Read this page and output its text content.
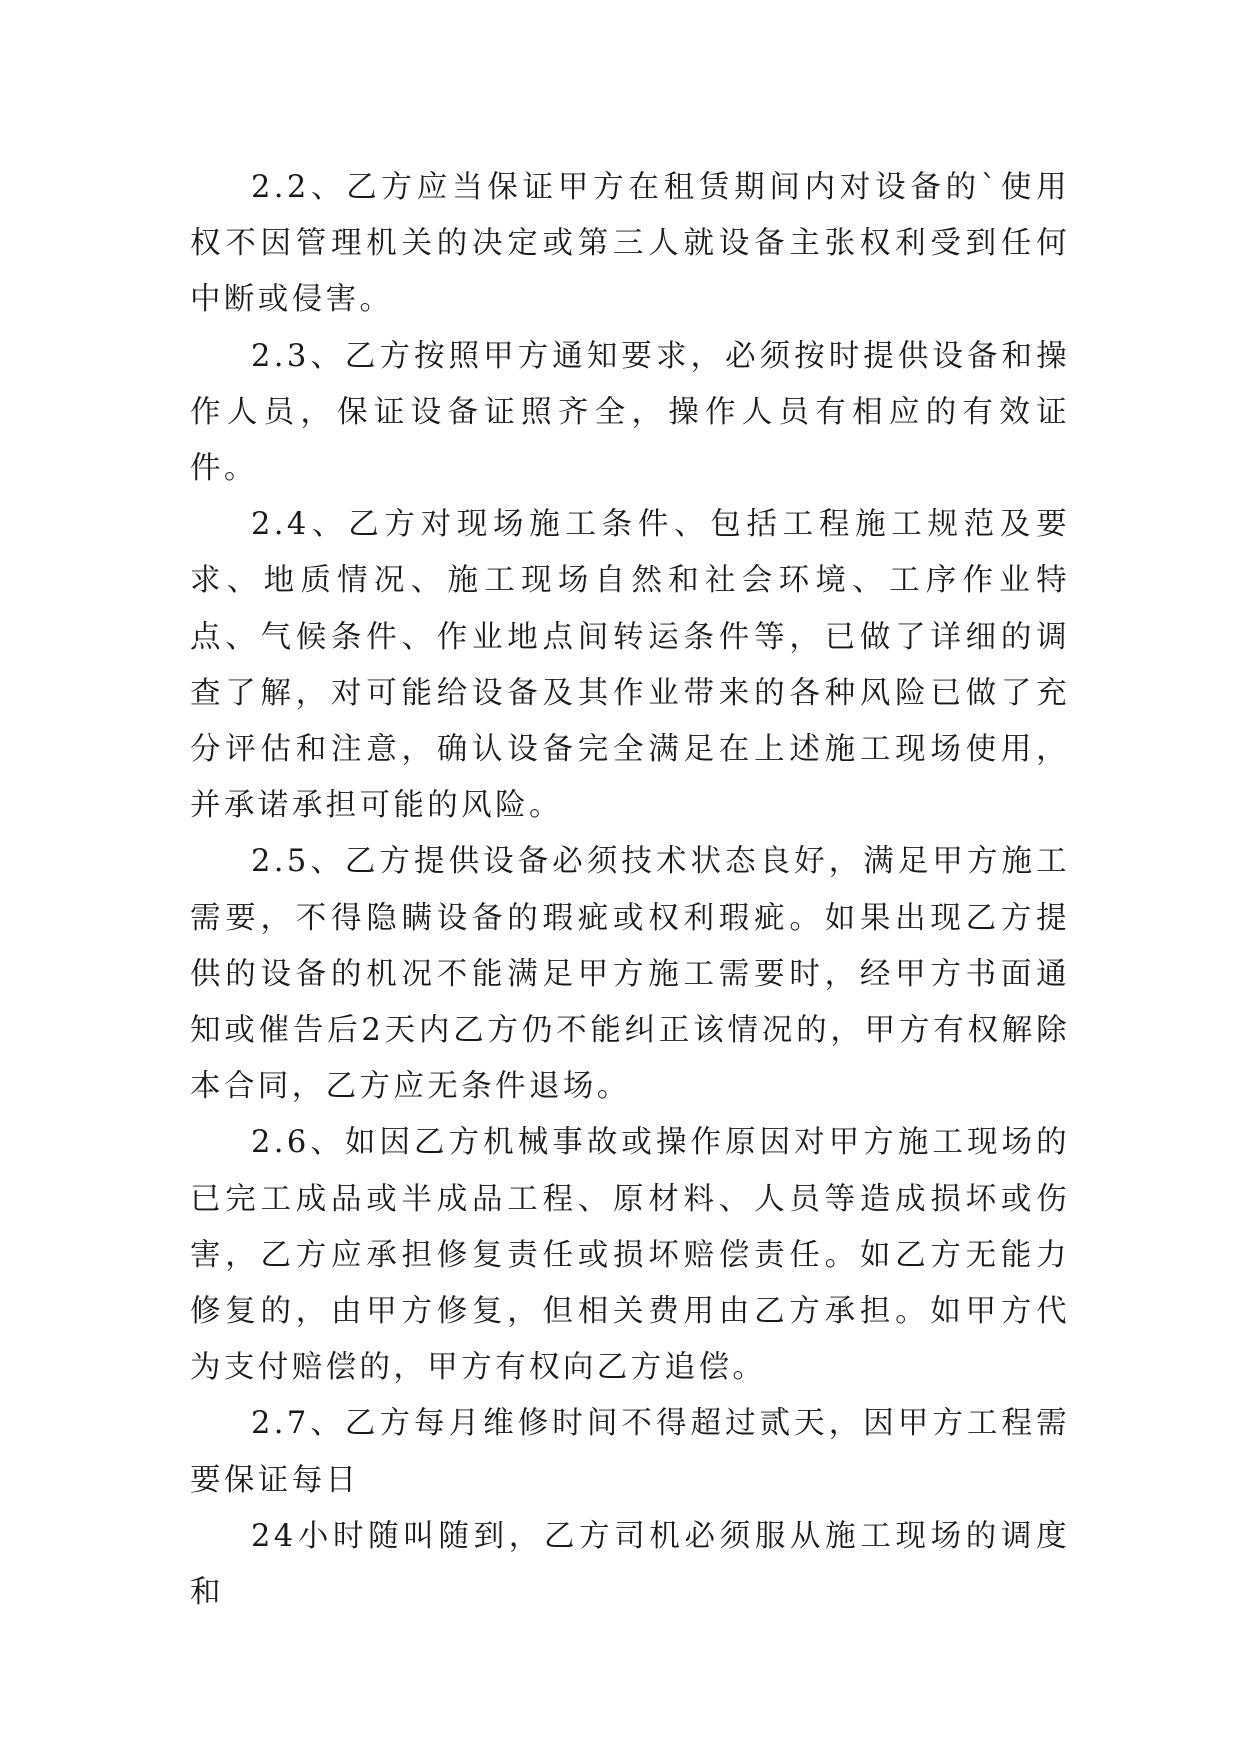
2.2、乙方应当保证甲方在租赁期间内对设备的`使用权不因管理机关的决定或第三人就设备主张权利受到任何中断或侵害。

2.3、乙方按照甲方通知要求，必须按时提供设备和操作人员，保证设备证照齐全，操作人员有相应的有效证件。

2.4、乙方对现场施工条件、包括工程施工规范及要求、地质情况、施工现场自然和社会环境、工序作业特点、气候条件、作业地点间转运条件等，已做了详细的调查了解，对可能给设备及其作业带来的各种风险已做了充分评估和注意，确认设备完全满足在上述施工现场使用，并承诺承担可能的风险。

2.5、乙方提供设备必须技术状态良好，满足甲方施工需要，不得隐瞒设备的瑕疵或权利瑕疵。如果出现乙方提供的设备的机况不能满足甲方施工需要时，经甲方书面通知或催告后2天内乙方仍不能纠正该情况的，甲方有权解除本合同，乙方应无条件退场。

2.6、如因乙方机械事故或操作原因对甲方施工现场的已完工成品或半成品工程、原材料、人员等造成损坏或伤害，乙方应承担修复责任或损坏赔偿责任。如乙方无能力修复的，由甲方修复，但相关费用由乙方承担。如甲方代为支付赔偿的，甲方有权向乙方追偿。

2.7、乙方每月维修时间不得超过贰天，因甲方工程需要保证每日

24小时随叫随到，乙方司机必须服从施工现场的调度和
